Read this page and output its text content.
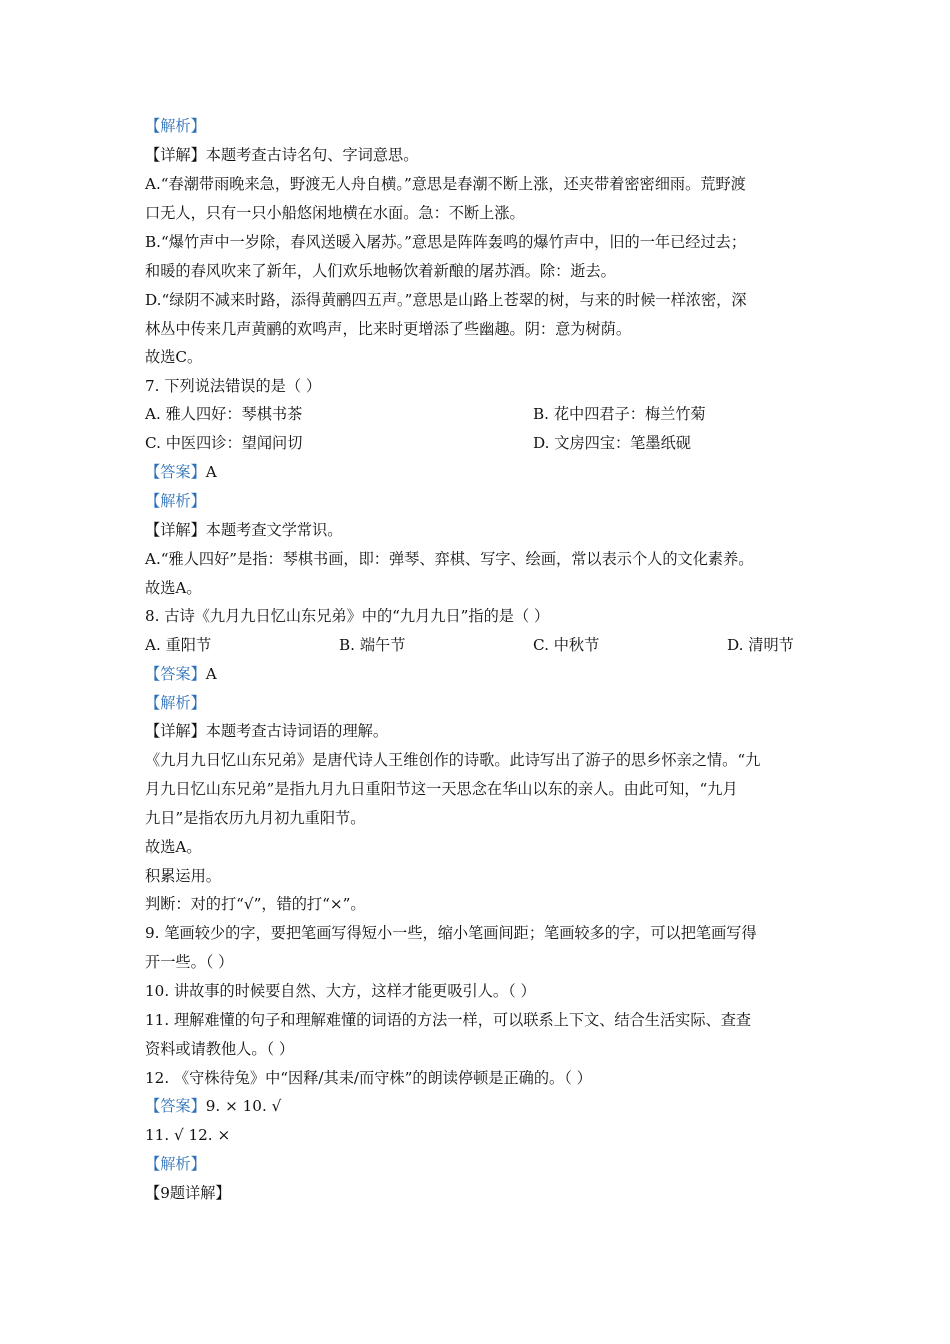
【解析】
【详解】本题考查古诗名句、字词意思。
A.“春潮带雨晚来急，野渡无人舟自横。”意思是春潮不断上涨，还夹带着密密细雨。荒野渡
口无人，只有一只小船悠闲地横在水面。急：不断上涨。
B.“爆竹声中一岁除，春风送暖入屠苏。”意思是阵阵轰鸣的爆竹声中，旧的一年已经过去；
和暖的春风吹来了新年，人们欢乐地畅饮着新酿的屠苏酒。除：逝去。
D.“绿阴不减来时路，添得黄鹂四五声。”意思是山路上苍翠的树，与来的时候一样浓密，深
林丛中传来几声黄鹂的欢鸣声，比来时更增添了些幽趣。阴：意为树荫。
故选C。
7. 下列说法错误的是（ ）
A. 雅人四好：琴棋书茶	B. 花中四君子：梅兰竹菊
C. 中医四诊：望闻问切	D. 文房四宝：笔墨纸砚
【答案】A
【解析】
【详解】本题考查文学常识。
A.“雅人四好”是指：琴棋书画，即：弹琴、弈棋、写字、绘画，常以表示个人的文化素养。
故选A。
8. 古诗《九月九日忆山东兄弟》中的“九月九日”指的是（ ）
A. 重阳节	B. 端午节	C. 中秋节	D. 清明节
【答案】A
【解析】
【详解】本题考查古诗词语的理解。
《九月九日忆山东兄弟》是唐代诗人王维创作的诗歌。此诗写出了游子的思乡怀亲之情。“九
月九日忆山东兄弟”是指九月九日重阳节这一天思念在华山以东的亲人。由此可知，“九月
九日”是指农历九月初九重阳节。
故选A。
积累运用。
判断：对的打“√”，错的打“×”。
9. 笔画较少的字，要把笔画写得短小一些，缩小笔画间距；笔画较多的字，可以把笔画写得
开一些。（ ）
10. 讲故事的时候要自然、大方，这样才能更吸引人。（ ）
11. 理解难懂的句子和理解难懂的词语的方法一样，可以联系上下文、结合生活实际、查查
资料或请教他人。（ ）
12. 《守株待兔》中“因释/其耒/而守株”的朗读停顿是正确的。（ ）
【答案】9. × 10. √
11. √ 12. ×
【解析】
【9题详解】
